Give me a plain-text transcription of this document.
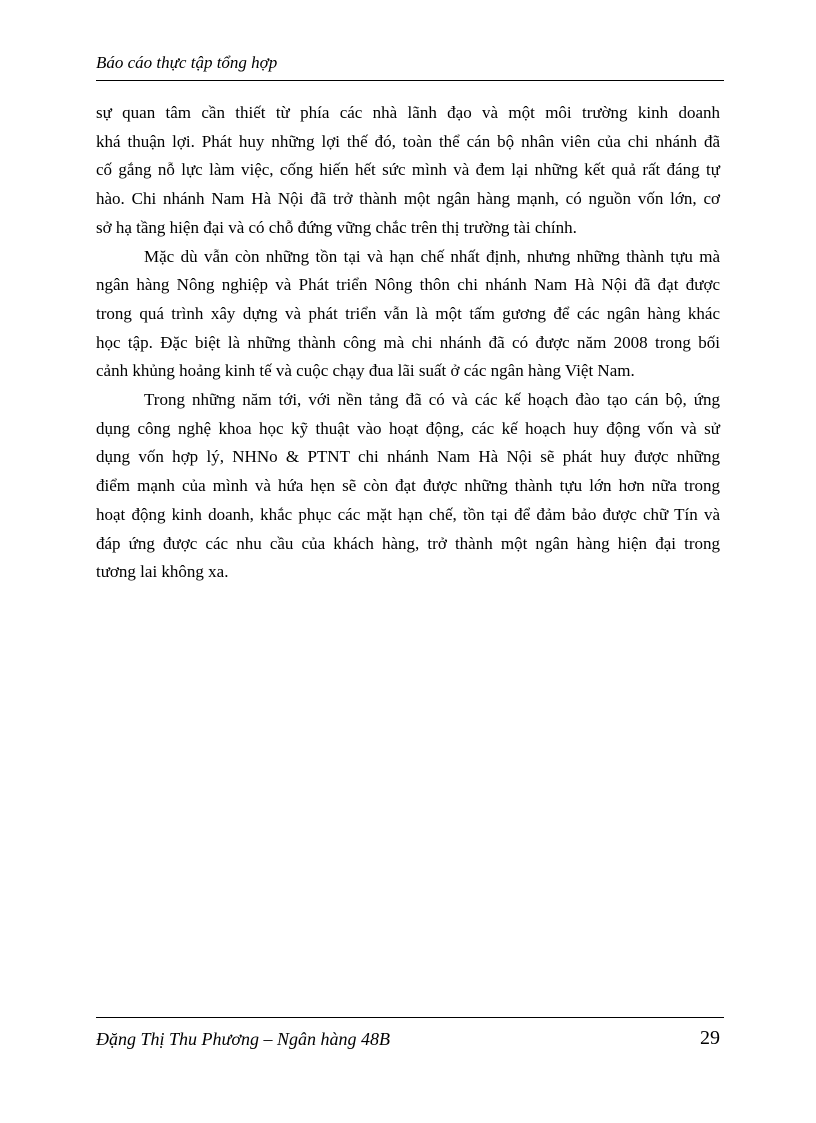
Báo cáo thực tập tổng hợp

sự quan tâm cần thiết từ phía các nhà lãnh đạo và một môi trường kinh doanh
khá thuận lợi. Phát huy những lợi thế đó, toàn thể cán bộ nhân viên của chi nhánh đã
cố gắng nỗ lực làm việc, cống hiến hết sức mình và đem lại những kết quả rất đáng tự
hào. Chi nhánh Nam Hà Nội đã trở thành một ngân hàng mạnh, có nguồn vốn lớn, cơ
sở hạ tầng hiện đại và có chỗ đứng vững chắc trên thị trường tài chính.

Mặc dù vẫn còn những tồn tại và hạn chế nhất định, nhưng những thành tựu mà
ngân hàng Nông nghiệp và Phát triển Nông thôn chi nhánh Nam Hà Nội đã đạt được
trong quá trình xây dựng và phát triển vẫn là một tấm gương để các ngân hàng khác
học tập. Đặc biệt là những thành công mà chi nhánh đã có được năm 2008 trong bối
cảnh khủng hoảng kinh tế và cuộc chạy đua lãi suất ở các ngân hàng Việt Nam.

Trong những năm tới, với nền tảng đã có và các kế hoạch đào tạo cán bộ, ứng
dụng công nghệ khoa học kỹ thuật vào hoạt động, các kế hoạch huy động vốn và sử
dụng vốn hợp lý, NHNo & PTNT chi nhánh Nam Hà Nội sẽ phát huy được những
điểm mạnh của mình và hứa hẹn sẽ còn đạt được những thành tựu lớn hơn nữa trong
hoạt động kinh doanh, khắc phục các mặt hạn chế, tồn tại để đảm bảo được chữ Tín và
đáp ứng được các nhu cầu của khách hàng, trở thành một ngân hàng hiện đại trong
tương lai không xa.

Đặng Thị Thu Phương – Ngân hàng 48B	29
